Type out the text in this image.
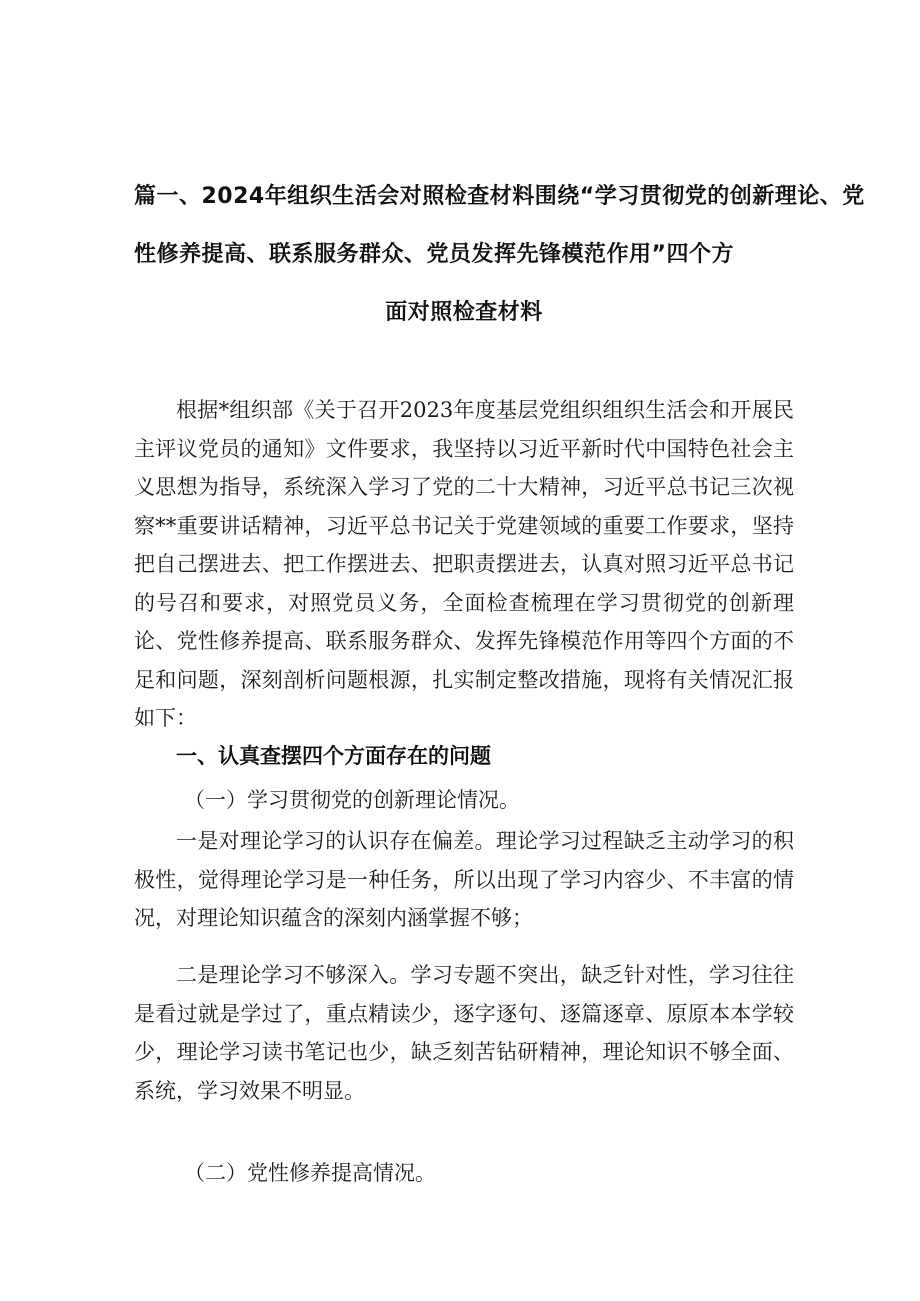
篇一、2024年组织生活会对照检查材料围绕“学习贯彻党的创新理论、党
性修养提高、联系服务群众、党员发挥先锋模范作用”四个方
面对照检查材料

根据*组织部《关于召开2023年度基层党组织组织生活会和开展民主评议党员的通知》文件要求，我坚持以习近平新时代中国特色社会主义思想为指导，系统深入学习了党的二十大精神，习近平总书记三次视察**重要讲话精神，习近平总书记关于党建领域的重要工作要求，坚持把自己摆进去、把工作摆进去、把职责摆进去，认真对照习近平总书记的号召和要求，对照党员义务，全面检查梳理在学习贯彻党的创新理论、党性修养提高、联系服务群众、发挥先锋模范作用等四个方面的不足和问题，深刻剖析问题根源，扎实制定整改措施，现将有关情况汇报如下：

一、认真查摆四个方面存在的问题
（一）学习贯彻党的创新理论情况。

一是对理论学习的认识存在偏差。理论学习过程缺乏主动学习的积极性，觉得理论学习是一种任务，所以出现了学习内容少、不丰富的情况，对理论知识蕴含的深刻内涵掌握不够；

二是理论学习不够深入。学习专题不突出，缺乏针对性，学习往往是看过就是学过了，重点精读少，逐字逐句、逐篇逐章、原原本本学较少，理论学习读书笔记也少，缺乏刻苦钻研精神，理论知识不够全面、系统，学习效果不明显。

（二）党性修养提高情况。
